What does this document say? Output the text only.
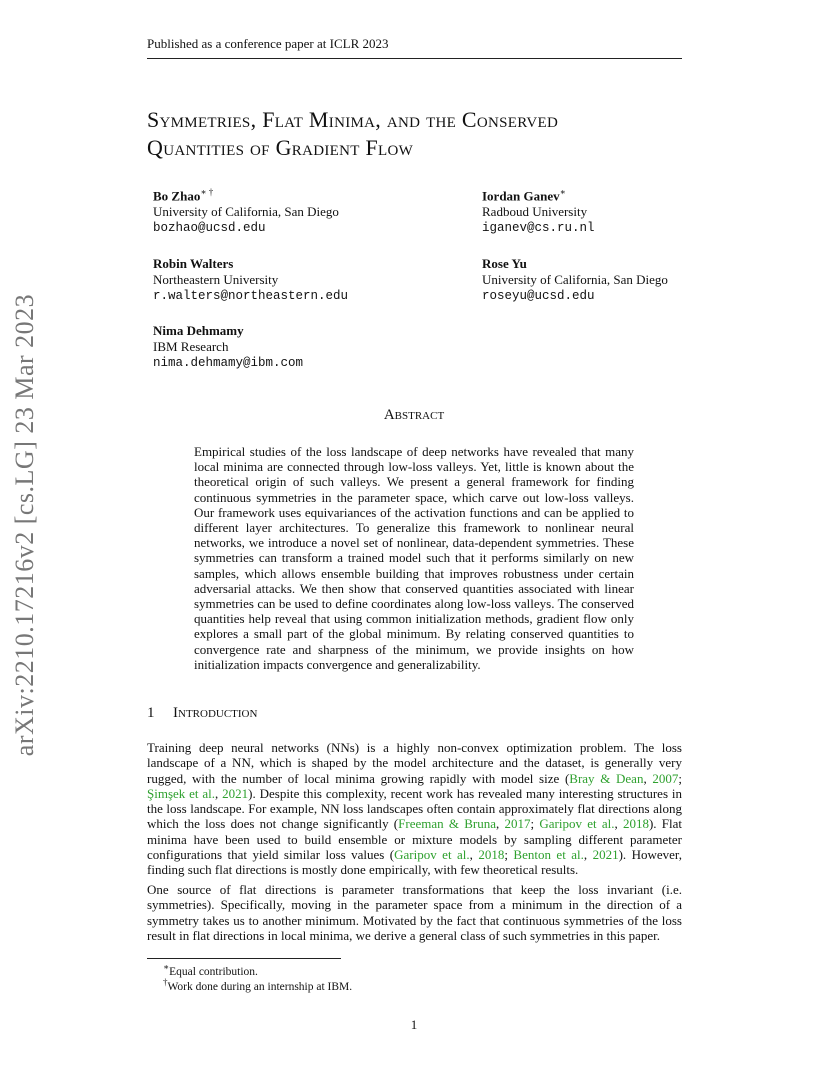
Published as a conference paper at ICLR 2023
Symmetries, Flat Minima, and the Conserved
Quantities of Gradient Flow
Bo Zhao∗ †
University of California, San Diego
bozhao@ucsd.edu
Iordan Ganev∗
Radboud University
iganev@cs.ru.nl
Robin Walters
Northeastern University
r.walters@northeastern.edu
Rose Yu
University of California, San Diego
roseyu@ucsd.edu
Nima Dehmamy
IBM Research
nima.dehmamy@ibm.com
arXiv:2210.17216v2 [cs.LG] 23 Mar 2023	Abstract
Empirical studies of the loss landscape of deep networks have revealed that many local minima are connected through low-loss valleys. Yet, little is known about the theoretical origin of such valleys. We present a general framework for finding continuous symmetries in the parameter space, which carve out low-loss valleys. Our framework uses equivariances of the activation functions and can be applied to different layer architectures. To generalize this framework to nonlinear neural networks, we introduce a novel set of nonlinear, data-dependent symmetries. These symmetries can transform a trained model such that it performs similarly on new samples, which allows ensemble building that improves robustness under certain adversarial attacks. We then show that conserved quantities associated with linear symmetries can be used to define coordinates along low-loss valleys. The conserved quantities help reveal that using common initialization methods, gradient flow only explores a small part of the global minimum. By relating conserved quantities to convergence rate and sharpness of the minimum, we provide insights on how initialization impacts convergence and generalizability.
1 Introduction
Training deep neural networks (NNs) is a highly non-convex optimization problem. The loss landscape of a NN, which is shaped by the model architecture and the dataset, is generally very rugged, with the number of local minima growing rapidly with model size (Bray & Dean, 2007; Şimşek et al., 2021). Despite this complexity, recent work has revealed many interesting structures in the loss landscape. For example, NN loss landscapes often contain approximately flat directions along which the loss does not change significantly (Freeman & Bruna, 2017; Garipov et al., 2018). Flat minima have been used to build ensemble or mixture models by sampling different parameter configurations that yield similar loss values (Garipov et al., 2018; Benton et al., 2021). However, finding such flat directions is mostly done empirically, with few theoretical results.
One source of flat directions is parameter transformations that keep the loss invariant (i.e. symmetries). Specifically, moving in the parameter space from a minimum in the direction of a symmetry takes us to another minimum. Motivated by the fact that continuous symmetries of the loss result in flat directions in local minima, we derive a general class of such symmetries in this paper.
∗Equal contribution.
†Work done during an internship at IBM.
1
